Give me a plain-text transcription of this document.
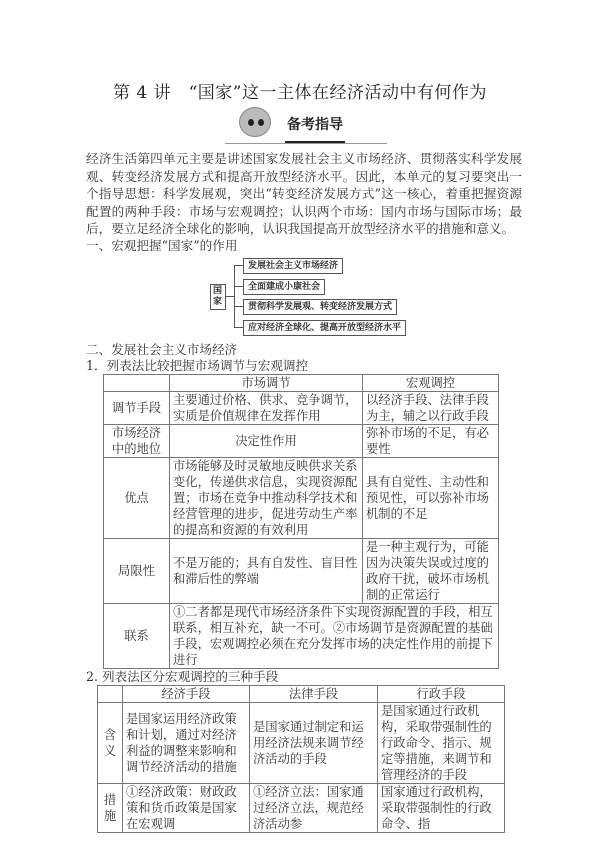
第 4 讲　“国家”这一主体在经济活动中有何作为
备考指导

经济生活第四单元主要是讲述国家发展社会主义市场经济、贯彻落实科学发展观、转变经济发展方式和提高开放型经济水平。因此，本单元的复习要突出一个指导思想：科学发展观，突出“转变经济发展方式”这一核心，着重把握资源配置的两种手段：市场与宏观调控；认识两个市场：国内市场与国际市场；最后，要立足经济全球化的影响，认识我国提高开放型经济水平的措施和意义。

一、宏观把握“国家”的作用
国家
发展社会主义市场经济
全面建成小康社会
贯彻科学发展观、转变经济发展方式
应对经济全球化、提高开放型经济水平
二、发展社会主义市场经济
1．列表法比较把握市场调节与宏观调控
	市场调节	宏观调控
调节手段	主要通过价格、供求、竞争调节，实质是价值规律在发挥作用	以经济手段、法律手段为主，辅之以行政手段
市场经济中的地位	决定性作用	弥补市场的不足，有必要性
优点	市场能够及时灵敏地反映供求关系变化，传递供求信息，实现资源配置；市场在竞争中推动科学技术和经营管理的进步，促进劳动生产率的提高和资源的有效利用	具有自觉性、主动性和预见性，可以弥补市场机制的不足
局限性	不是万能的；具有自发性、盲目性和滞后性的弊端	是一种主观行为，可能因为决策失误或过度的政府干扰，破坏市场机制的正常运行
联系	①二者都是现代市场经济条件下实现资源配置的手段，相互联系，相互补充，缺一不可。②市场调节是资源配置的基础手段，宏观调控必须在充分发挥市场的决定性作用的前提下进行	
2. 列表法区分宏观调控的三种手段
	经济手段	法律手段	行政手段
含义	是国家运用经济政策和计划，通过对经济利益的调整来影响和调节经济活动的措施	是国家通过制定和运用经济法规来调节经济活动的手段	是国家通过行政机构，采取带强制性的行政命令、指示、规定等措施，来调节和管理经济的手段
措施	①经济政策：财政政策和货币政策是国家在宏观调	①经济立法：国家通过经济立法，规范经济活动参	国家通过行政机构，采取带强制性的行政命令、指
